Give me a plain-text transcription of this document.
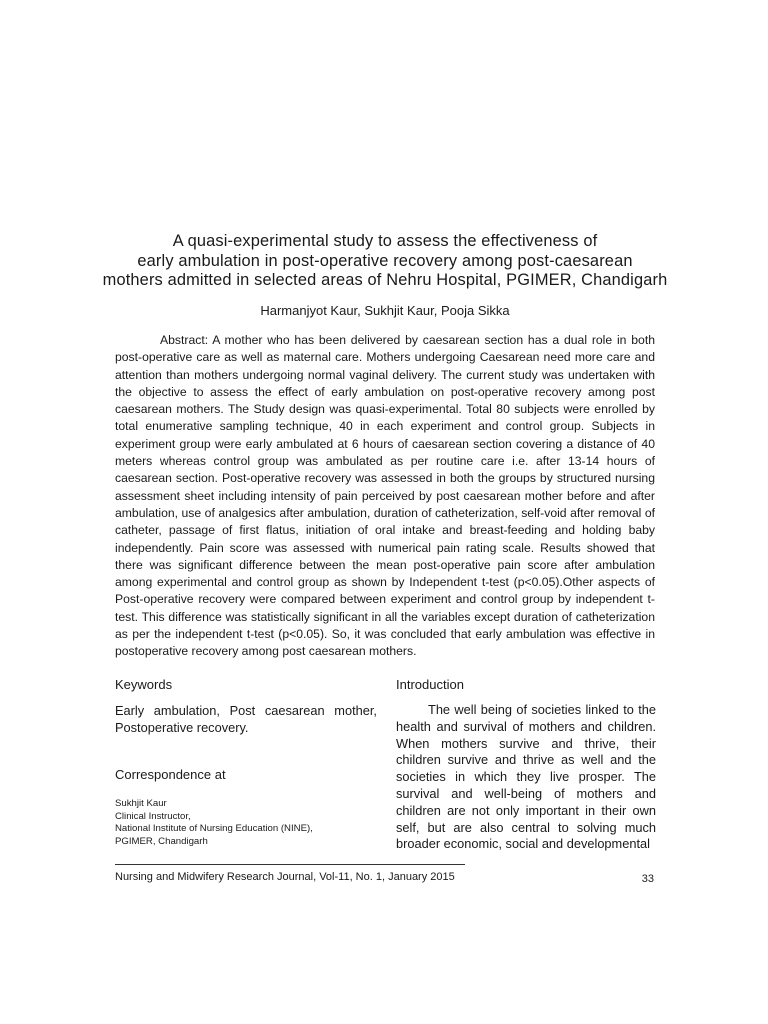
A quasi-experimental study to assess the effectiveness of
early ambulation in post-operative recovery among post-caesarean
mothers admitted in selected areas of Nehru Hospital, PGIMER, Chandigarh
Harmanjyot Kaur, Sukhjit Kaur, Pooja Sikka

Abstract: A mother who has been delivered by caesarean section has a dual role in both post-operative care as well as maternal care. Mothers undergoing Caesarean need more care and attention than mothers undergoing normal vaginal delivery. The current study was undertaken with the objective to assess the effect of early ambulation on post-operative recovery among post caesarean mothers. The Study design was quasi-experimental. Total 80 subjects were enrolled by total enumerative sampling technique, 40 in each experiment and control group. Subjects in experiment group were early ambulated at 6 hours of caesarean section covering a distance of 40 meters whereas control group was ambulated as per routine care i.e. after 13-14 hours of caesarean section. Post-operative recovery was assessed in both the groups by structured nursing assessment sheet including intensity of pain perceived by post caesarean mother before and after ambulation, use of analgesics after ambulation, duration of catheterization, self-void after removal of catheter, passage of first flatus, initiation of oral intake and breast-feeding and holding baby independently. Pain score was assessed with numerical pain rating scale. Results showed that there was significant difference between the mean post-operative pain score after ambulation among experimental and control group as shown by Independent t-test (p<0.05).Other aspects of Post-operative recovery were compared between experiment and control group by independent t-test. This difference was statistically significant in all the variables except duration of catheterization as per the independent t-test (p<0.05). So, it was concluded that early ambulation was effective in postoperative recovery among post caesarean mothers.

Keywords

Early ambulation, Post caesarean mother, Postoperative recovery.

Correspondence at

Sukhjit Kaur
Clinical Instructor,
National Institute of Nursing Education (NINE),
PGIMER, Chandigarh

Introduction

The well being of societies linked to the health and survival of mothers and children. When mothers survive and thrive, their children survive and thrive as well and the societies in which they live prosper. The survival and well-being of mothers and children are not only important in their own self, but are also central to solving much broader economic, social and developmental

Nursing and Midwifery Research Journal, Vol-11, No. 1, January 2015	33
